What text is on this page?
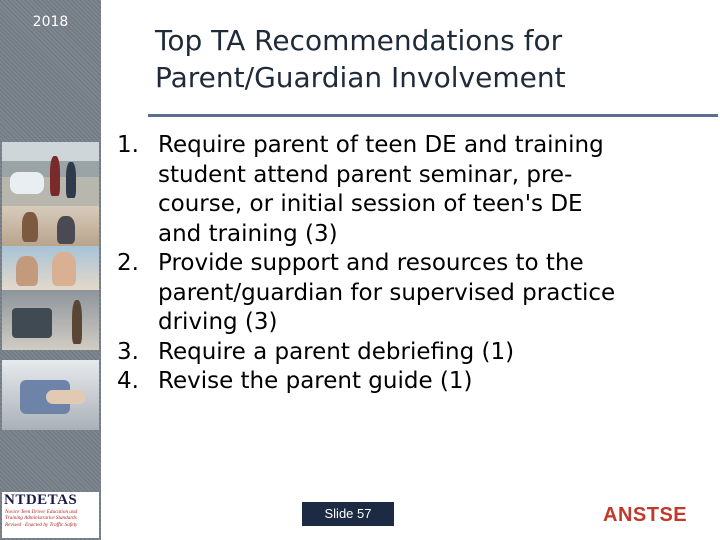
2018
NTDETAS
Novice Teen Driver Education and
Training Administrative Standards
Revised · Enacted by Traffic Safety
Top TA Recommendations for
Parent/Guardian Involvement
1. Require parent of teen DE and training
student attend parent seminar, pre-
course, or initial session of teen's DE
and training (3)
2. Provide support and resources to the
parent/guardian for supervised practice
driving (3)
3. Require a parent debriefing (1)
4. Revise the parent guide (1)
Slide 57	ANSTSE
